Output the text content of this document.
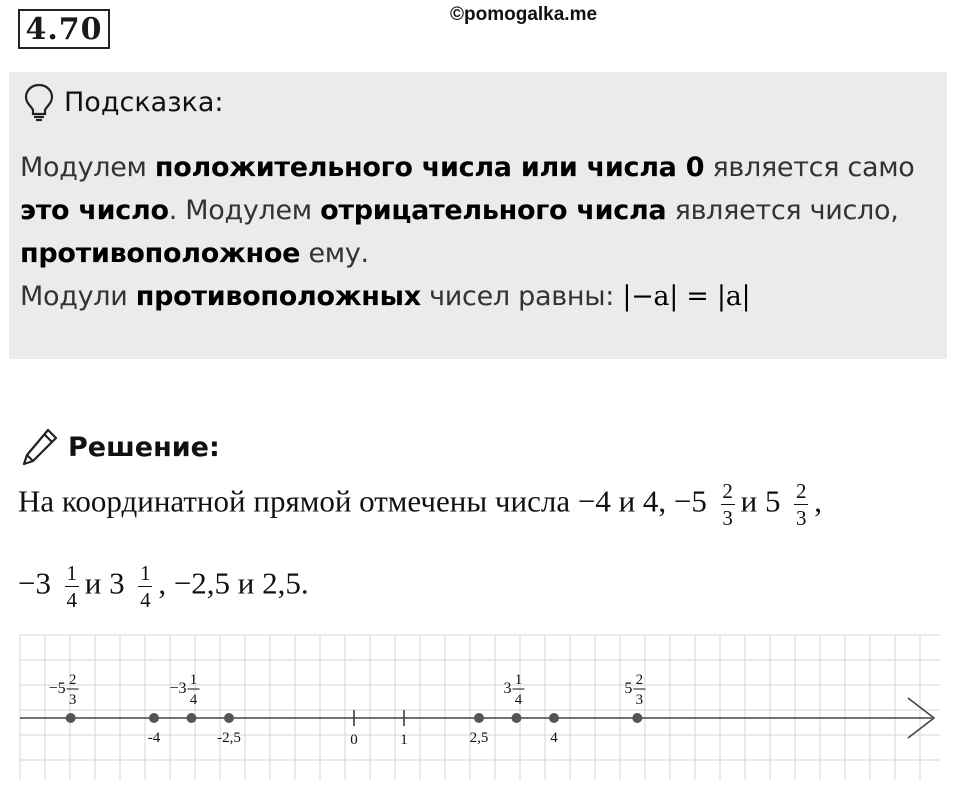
4.70	©pomogalka.me
Подсказка:
Модулем положительного числа или числа 0 является само
это число. Модулем отрицательного числа является число,
противоположное ему.
Модули противоположных чисел равны: |−a| = |a|
Решение:
На координатной прямой отмечены числа −4 и 4, $-5 \frac{2}{3}$ и $5 \frac{2}{3}$ ,
$-3 \frac{1}{4}$ и $3 \frac{1}{4}$ , −2,5 и 2,5.
0	1
−5 2
3
-4
−3 1
4
-2,5	2,5
3 1
4
4
5 2
3
